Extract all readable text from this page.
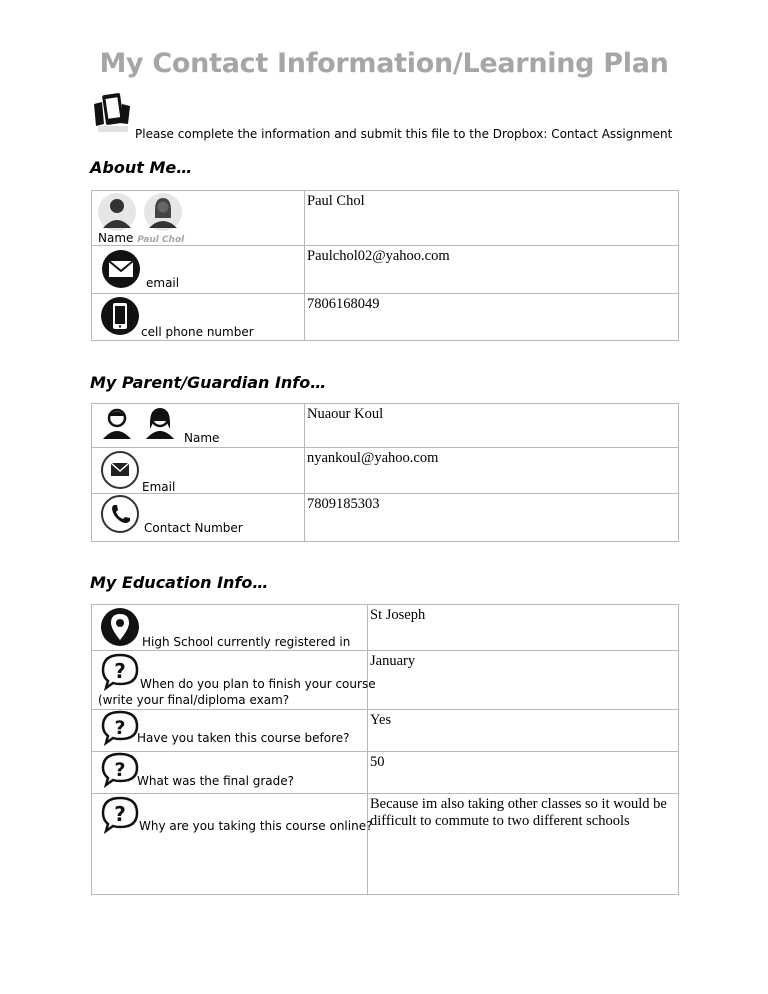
My Contact Information/Learning Plan
Please complete the information and submit this file to the Dropbox: Contact Assignment
About Me…
Name Paul Chol	Paul Chol

email	Paulchol02@yahoo.com

cell phone number	7806168049
My Parent/Guardian Info…
Name	Nuaour Koul

Email	nyankoul@yahoo.com

Contact Number	7809185303
My Education Info…
High School currently registered in	St Joseph

?
When do you plan to finish your course
(write your final/diploma exam?	January

? Have you taken this course before?	Yes

? What was the final grade?	50

? Why are you taking this course online?	Because im also taking other classes so it would be difficult to commute to two different schools
